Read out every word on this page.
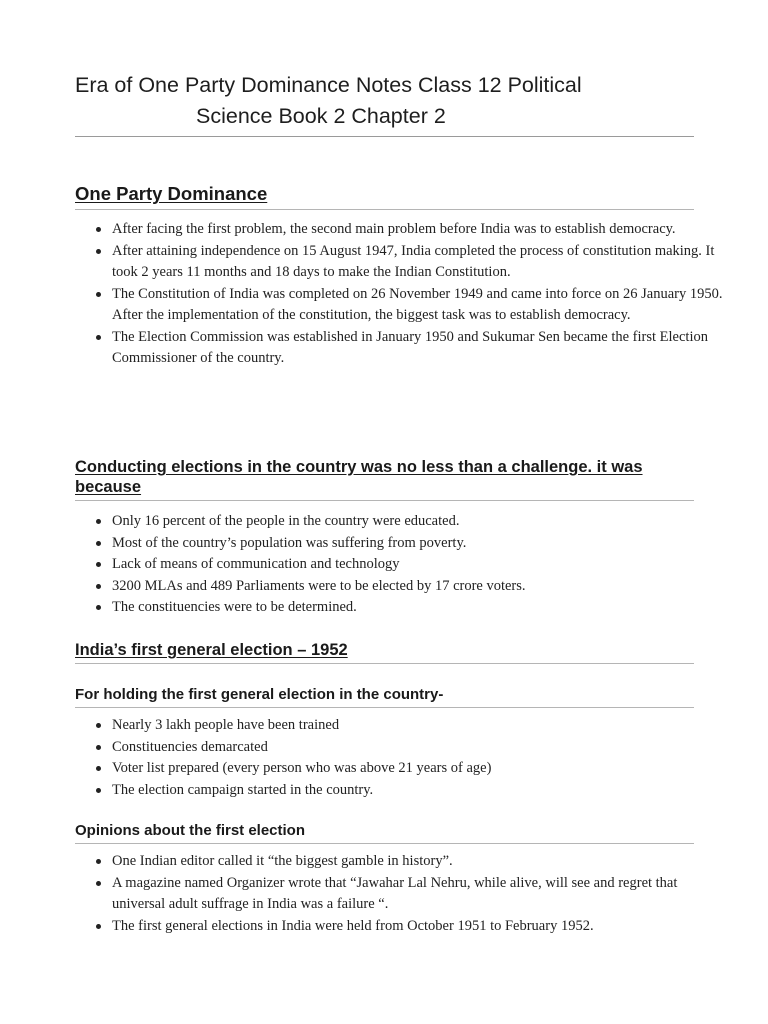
Era of One Party Dominance Notes Class 12 Political
Science Book 2 Chapter 2
One Party Dominance
After facing the first problem, the second main problem before India was to establish democracy.
After attaining independence on 15 August 1947, India completed the process of constitution making. It took 2 years 11 months and 18 days to make the Indian Constitution.
The Constitution of India was completed on 26 November 1949 and came into force on 26 January 1950. After the implementation of the constitution, the biggest task was to establish democracy.
The Election Commission was established in January 1950 and Sukumar Sen became the first Election Commissioner of the country.
Conducting elections in the country was no less than a challenge. it was because
Only 16 percent of the people in the country were educated.
Most of the country’s population was suffering from poverty.
Lack of means of communication and technology
3200 MLAs and 489 Parliaments were to be elected by 17 crore voters.
The constituencies were to be determined.
India’s first general election – 1952
For holding the first general election in the country-
Nearly 3 lakh people have been trained
Constituencies demarcated
Voter list prepared (every person who was above 21 years of age)
The election campaign started in the country.
Opinions about the first election
One Indian editor called it “the biggest gamble in history”.
A magazine named Organizer wrote that “Jawahar Lal Nehru, while alive, will see and regret that universal adult suffrage in India was a failure “.
The first general elections in India were held from October 1951 to February 1952.
